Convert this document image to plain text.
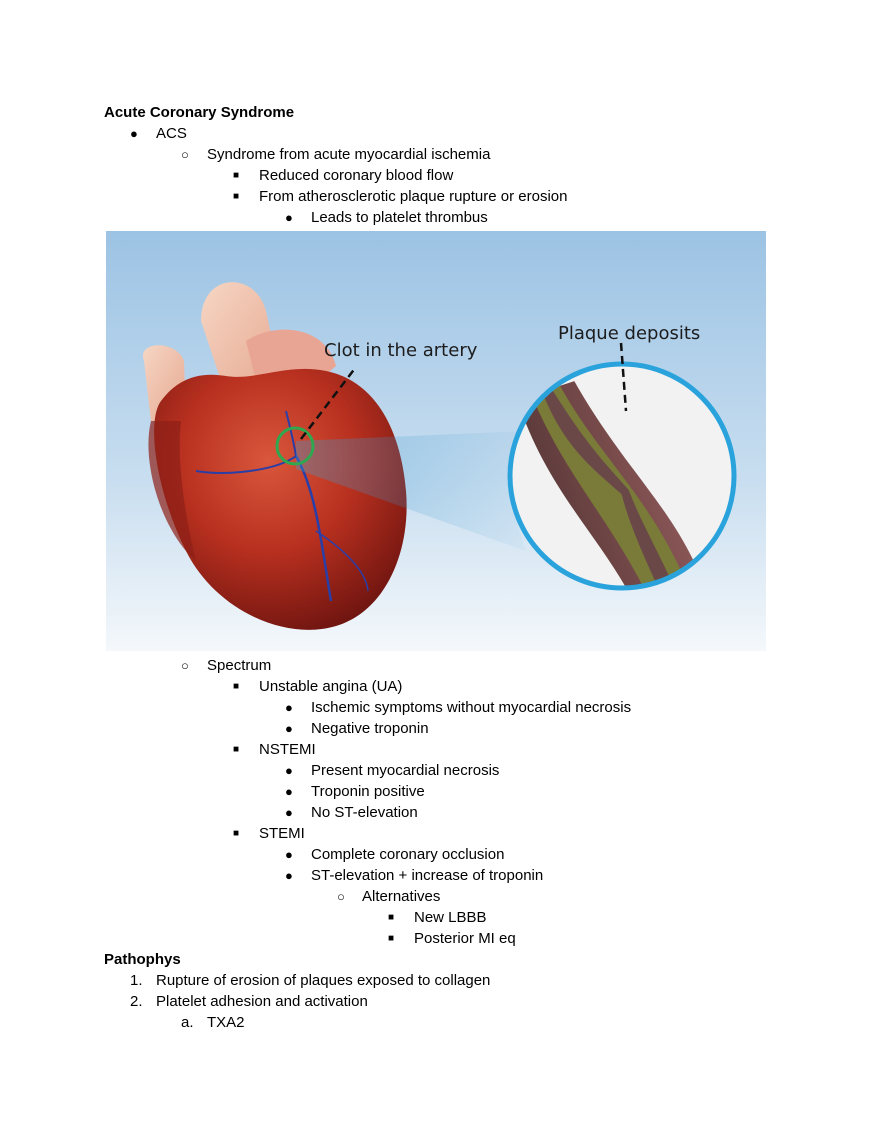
Acute Coronary Syndrome
● ACS
○ Syndrome from acute myocardial ischemia
■ Reduced coronary blood flow
■ From atherosclerotic plaque rupture or erosion
● Leads to platelet thrombus
Clot in the artery
Plaque deposits
○ Spectrum
■ Unstable angina (UA)
● Ischemic symptoms without myocardial necrosis
● Negative troponin
■ NSTEMI
● Present myocardial necrosis
● Troponin positive
● No ST-elevation
■ STEMI
● Complete coronary occlusion
● ST-elevation + increase of troponin
○ Alternatives
■ New LBBB
■ Posterior MI eq
Pathophys
1. Rupture of erosion of plaques exposed to collagen
2. Platelet adhesion and activation
a. TXA2
